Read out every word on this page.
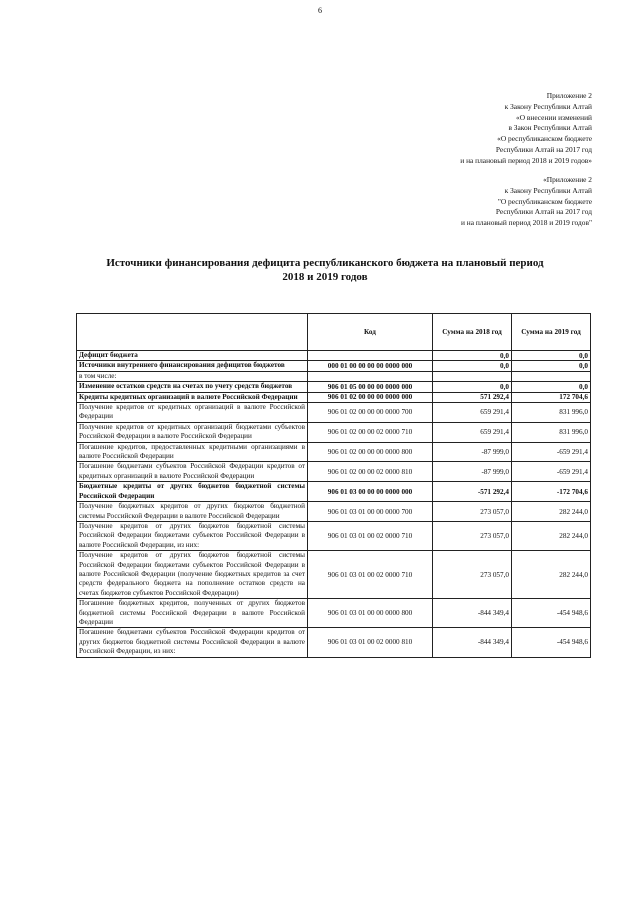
6
Приложение 2
к Закону Республики Алтай
«О внесении изменений
в Закон Республики Алтай
«О республиканском бюджете
Республики Алтай на 2017 год
и на плановый период 2018 и 2019 годов»
«Приложение 2
к Закону Республики Алтай
"О республиканском бюджете
Республики Алтай на 2017 год
и на плановый период 2018 и 2019 годов"
Источники финансирования дефицита республиканского бюджета на плановый период
2018 и 2019 годов
	Код	Сумма на 2018 год	Сумма на 2019 год
Дефицит бюджета		0,0	0,0
Источники внутреннего финансирования дефицитов бюджетов	000 01 00 00 00 00 0000 000	0,0	0,0
в том числе:			
Изменение остатков средств на счетах по учету средств бюджетов	906 01 05 00 00 00 0000 000	0,0	0,0
Кредиты кредитных организаций в валюте Российской Федерации	906 01 02 00 00 00 0000 000	571 292,4	172 704,6
Получение кредитов от кредитных организаций в валюте Российской Федерации	906 01 02 00 00 00 0000 700	659 291,4	831 996,0
Получение кредитов от кредитных организаций бюджетами субъектов Российской Федерации в валюте Российской Федерации	906 01 02 00 00 02 0000 710	659 291,4	831 996,0
Погашение кредитов, предоставленных кредитными организациями в валюте Российской Федерации	906 01 02 00 00 00 0000 800	-87 999,0	-659 291,4
Погашение бюджетами субъектов Российской Федерации кредитов от кредитных организаций в валюте Российской Федерации	906 01 02 00 00 02 0000 810	-87 999,0	-659 291,4
Бюджетные кредиты от других бюджетов бюджетной системы Российской Федерации	906 01 03 00 00 00 0000 000	-571 292,4	-172 704,6
Получение бюджетных кредитов от других бюджетов бюджетной системы Российской Федерации в валюте Российской Федерации	906 01 03 01 00 00 0000 700	273 057,0	282 244,0
Получение кредитов от других бюджетов бюджетной системы Российской Федерации бюджетами субъектов Российской Федерации в валюте Российской Федерации, из них:	906 01 03 01 00 02 0000 710	273 057,0	282 244,0
Получение кредитов от других бюджетов бюджетной системы Российской Федерации бюджетами субъектов Российской Федерации в валюте Российской Федерации (получение бюджетных кредитов за счет средств федерального бюджета на пополнение остатков средств на счетах бюджетов субъектов Российской Федерации)	906 01 03 01 00 02 0000 710	273 057,0	282 244,0
Погашение бюджетных кредитов, полученных от других бюджетов бюджетной системы Российской Федерации в валюте Российской Федерации	906 01 03 01 00 00 0000 800	-844 349,4	-454 948,6
Погашение бюджетами субъектов Российской Федерации кредитов от других бюджетов бюджетной системы Российской Федерации в валюте Российской Федерации, из них:	906 01 03 01 00 02 0000 810	-844 349,4	-454 948,6
